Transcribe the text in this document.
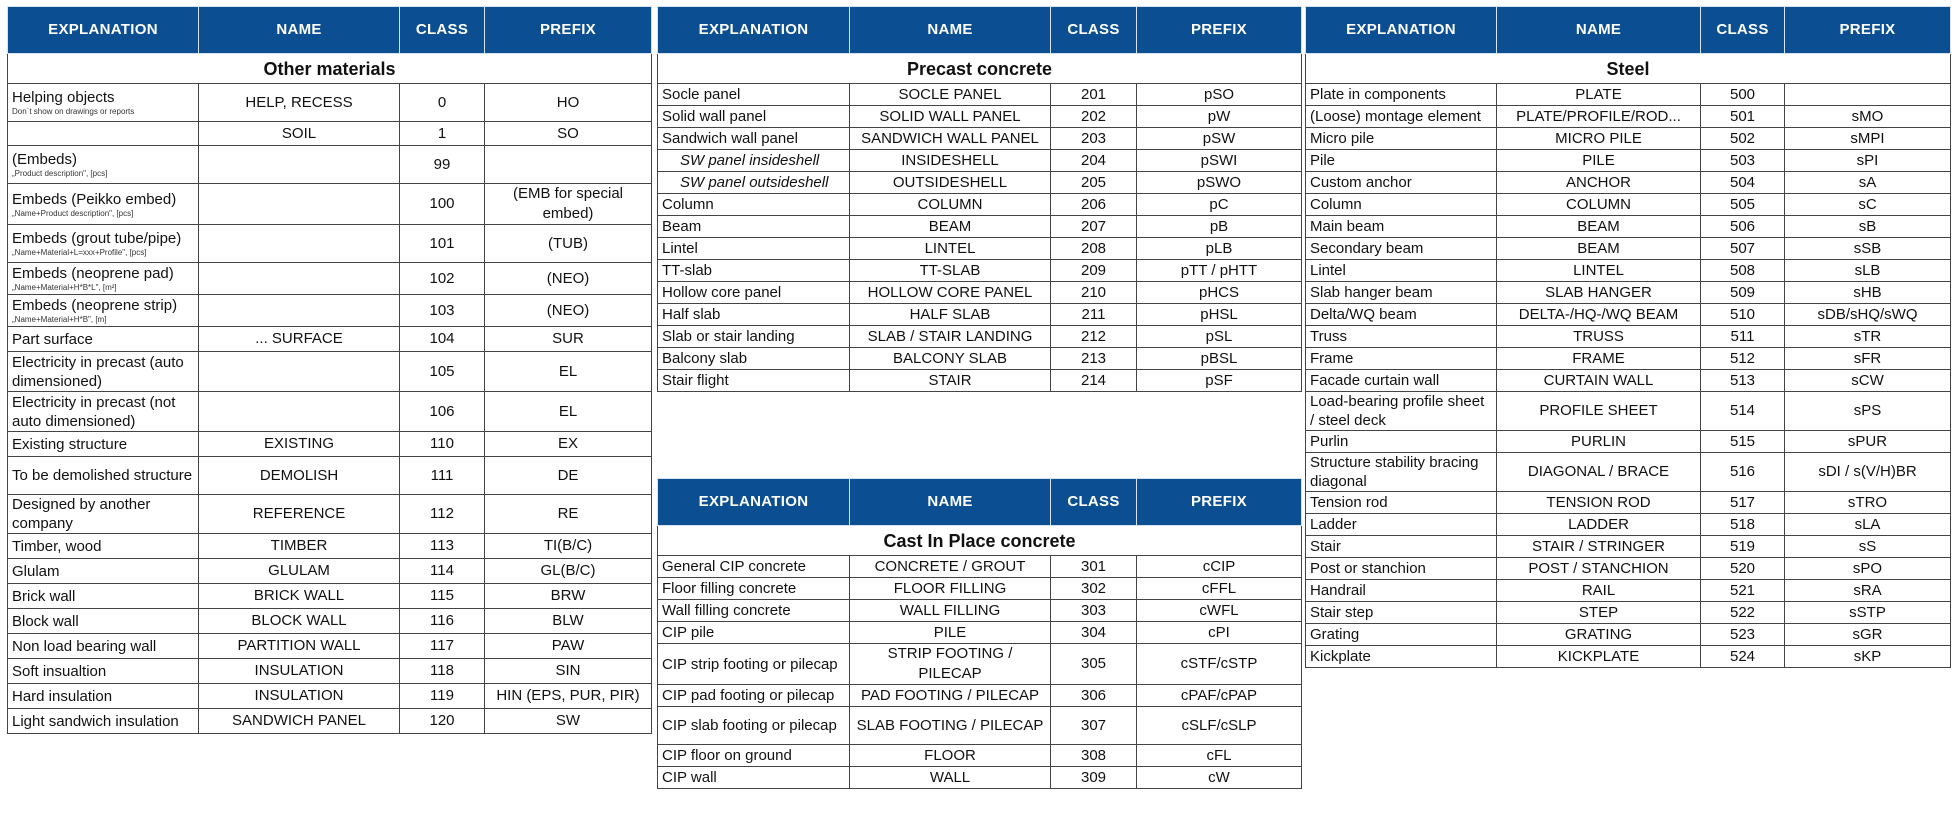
EXPLANATION	NAME	CLASS	PREFIX
Other materials			

Helping objects
Don`t show on drawings or reports	HELP, RECESS	0	HO

	SOIL	1	SO

(Embeds)
„Product description", [pcs]		99	

Embeds (Peikko embed)
„Name+Product description", [pcs]		100	(EMB for special embed)

Embeds (grout tube/pipe)
„Name+Material+L=xxx+Profile", [pcs]		101	(TUB)

Embeds (neoprene pad)
„Name+Material+H*B*L", [m²]		102	(NEO)

Embeds (neoprene strip)
„Name+Material+H*B", [m]		103	(NEO)

Part surface	... SURFACE	104	SUR

Electricity in precast (auto dimensioned)		105	EL

Electricity in precast (not auto dimensioned)		106	EL

Existing structure	EXISTING	110	EX

To be demolished structure	DEMOLISH	111	DE

Designed by another company	REFERENCE	112	RE

Timber, wood	TIMBER	113	TI(B/C)

Glulam	GLULAM	114	GL(B/C)

Brick wall	BRICK WALL	115	BRW

Block wall	BLOCK WALL	116	BLW

Non load bearing wall	PARTITION WALL	117	PAW

Soft insualtion	INSULATION	118	SIN

Hard insulation	INSULATION	119	HIN (EPS, PUR, PIR)

Light sandwich insulation	SANDWICH PANEL	120	SW
EXPLANATION	NAME	CLASS	PREFIX
Precast concrete			

Socle panel	SOCLE PANEL	201	pSO

Solid wall panel	SOLID WALL PANEL	202	pW

Sandwich wall panel	SANDWICH WALL PANEL	203	pSW

SW panel insideshell	INSIDESHELL	204	pSWI

SW panel outsideshell	OUTSIDESHELL	205	pSWO

Column	COLUMN	206	pC

Beam	BEAM	207	pB

Lintel	LINTEL	208	pLB

TT-slab	TT-SLAB	209	pTT / pHTT

Hollow core panel	HOLLOW CORE PANEL	210	pHCS

Half slab	HALF SLAB	211	pHSL

Slab or stair landing	SLAB / STAIR LANDING	212	pSL

Balcony slab	BALCONY SLAB	213	pBSL

Stair flight	STAIR	214	pSF
EXPLANATION	NAME	CLASS	PREFIX
Cast In Place concrete			

General CIP concrete	CONCRETE / GROUT	301	cCIP

Floor filling concrete	FLOOR FILLING	302	cFFL

Wall filling concrete	WALL FILLING	303	cWFL

CIP pile	PILE	304	cPI

CIP strip footing or pilecap	STRIP FOOTING / PILECAP	305	cSTF/cSTP

CIP pad footing or pilecap	PAD FOOTING / PILECAP	306	cPAF/cPAP

CIP slab footing or pilecap	SLAB FOOTING / PILECAP	307	cSLF/cSLP

CIP floor on ground	FLOOR	308	cFL

CIP wall	WALL	309	cW
EXPLANATION	NAME	CLASS	PREFIX
Steel			

Plate in components	PLATE	500	

(Loose) montage element	PLATE/PROFILE/ROD...	501	sMO

Micro pile	MICRO PILE	502	sMPI

Pile	PILE	503	sPI

Custom anchor	ANCHOR	504	sA

Column	COLUMN	505	sC

Main beam	BEAM	506	sB

Secondary beam	BEAM	507	sSB

Lintel	LINTEL	508	sLB

Slab hanger beam	SLAB HANGER	509	sHB

Delta/WQ beam	DELTA-/HQ-/WQ BEAM	510	sDB/sHQ/sWQ

Truss	TRUSS	511	sTR

Frame	FRAME	512	sFR

Facade curtain wall	CURTAIN WALL	513	sCW

Load-bearing profile sheet / steel deck	PROFILE SHEET	514	sPS

Purlin	PURLIN	515	sPUR

Structure stability bracing diagonal	DIAGONAL / BRACE	516	sDI / s(V/H)BR

Tension rod	TENSION ROD	517	sTRO

Ladder	LADDER	518	sLA

Stair	STAIR / STRINGER	519	sS

Post or stanchion	POST / STANCHION	520	sPO

Handrail	RAIL	521	sRA

Stair step	STEP	522	sSTP

Grating	GRATING	523	sGR

Kickplate	KICKPLATE	524	sKP
